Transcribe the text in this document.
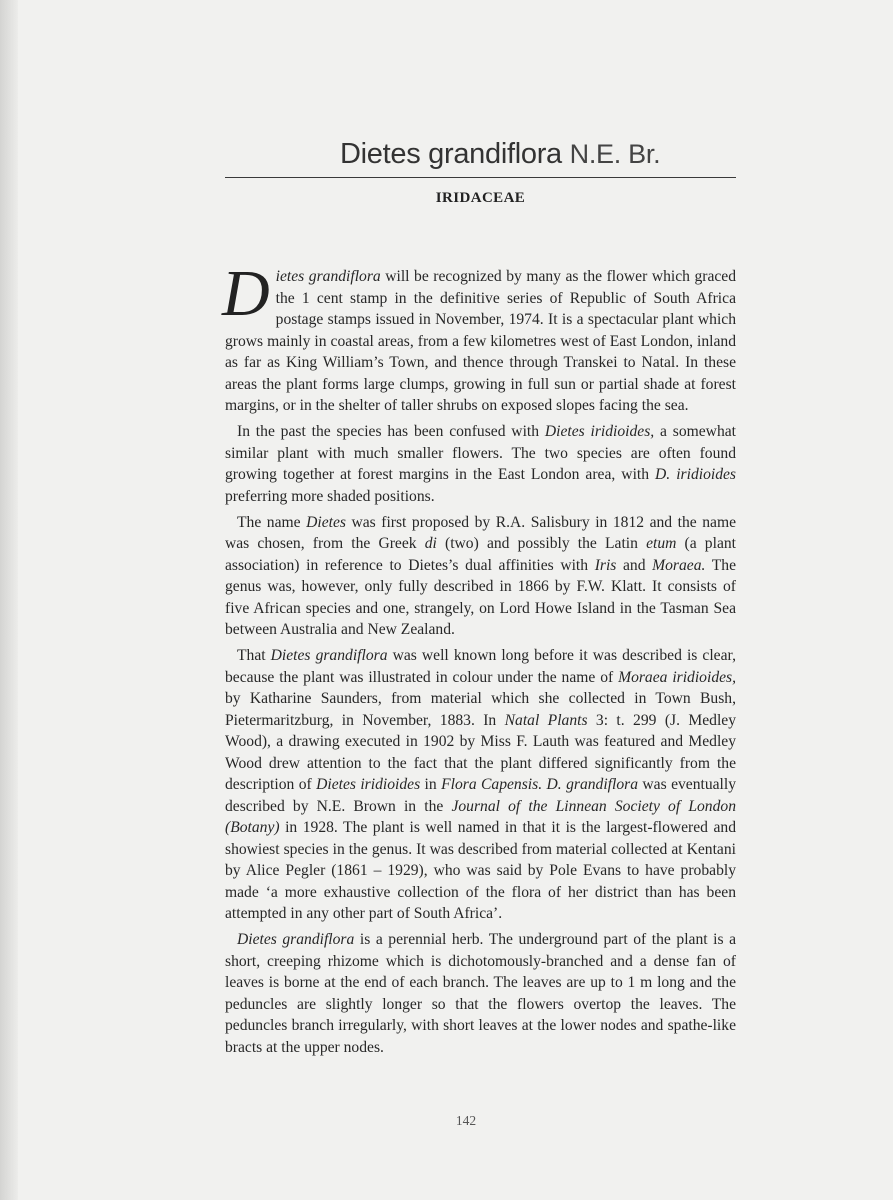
Dietes grandiflora N.E. Br.
IRIDACEAE

Dietes grandiflora will be recognized by many as the flower which graced the 1 cent stamp in the definitive series of Republic of South Africa postage stamps issued in November, 1974. It is a spectacular plant which grows mainly in coastal areas, from a few kilometres west of East London, inland as far as King William’s Town, and thence through Transkei to Natal. In these areas the plant forms large clumps, growing in full sun or partial shade at forest margins, or in the shelter of taller shrubs on exposed slopes facing the sea.

In the past the species has been confused with Dietes iridioides, a somewhat similar plant with much smaller flowers. The two species are often found growing together at forest margins in the East London area, with D. iridioides preferring more shaded positions.

The name Dietes was first proposed by R.A. Salisbury in 1812 and the name was chosen, from the Greek di (two) and possibly the Latin etum (a plant association) in reference to Dietes’s dual affinities with Iris and Moraea. The genus was, however, only fully described in 1866 by F.W. Klatt. It consists of five African species and one, strangely, on Lord Howe Island in the Tasman Sea between Australia and New Zealand.

That Dietes grandiflora was well known long before it was described is clear, because the plant was illustrated in colour under the name of Moraea iridioides, by Katharine Saunders, from material which she collected in Town Bush, Pietermaritzburg, in November, 1883. In Natal Plants 3: t. 299 (J. Medley Wood), a drawing executed in 1902 by Miss F. Lauth was featured and Medley Wood drew attention to the fact that the plant differed significantly from the description of Dietes iridioides in Flora Capensis. D. grandiflora was eventually described by N.E. Brown in the Journal of the Linnean Society of London (Botany) in 1928. The plant is well named in that it is the largest-flowered and showiest species in the genus. It was described from material collected at Kentani by Alice Pegler (1861 – 1929), who was said by Pole Evans to have probably made ‘a more exhaustive collection of the flora of her district than has been attempted in any other part of South Africa’.

Dietes grandiflora is a perennial herb. The underground part of the plant is a short, creeping rhizome which is dichotomously-branched and a dense fan of leaves is borne at the end of each branch. The leaves are up to 1 m long and the peduncles are slightly longer so that the flowers overtop the leaves. The peduncles branch irregularly, with short leaves at the lower nodes and spathe-like bracts at the upper nodes.

142
